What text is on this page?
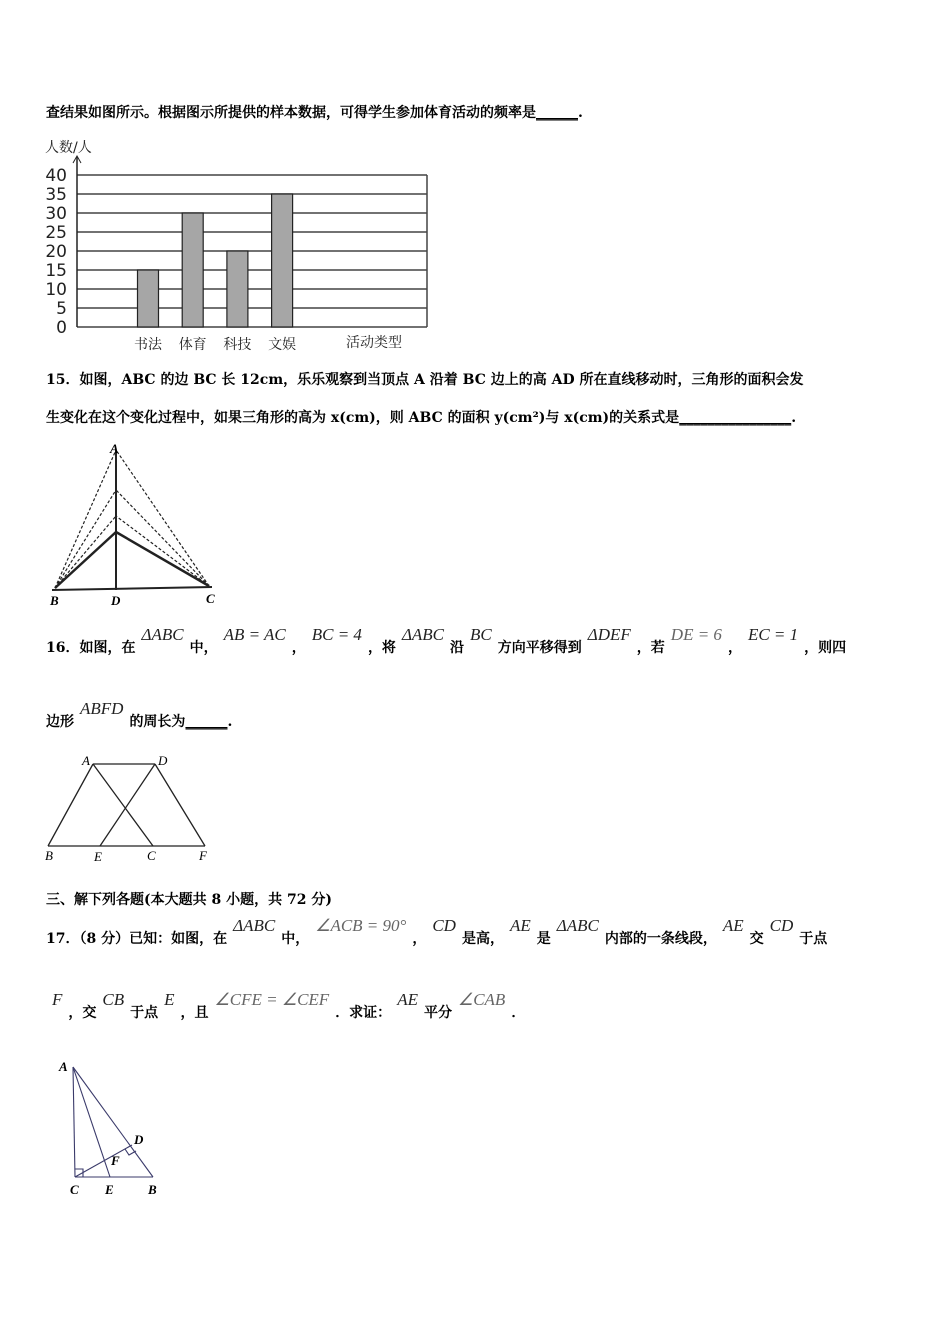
查结果如图所示。根据图示所提供的样本数据，可得学生参加体育活动的频率是______.
0
5
10
15
20
25
30
35
40
人数/人
书法 体育 科技 文娱	活动类型
15．如图，ABC 的边 BC 长 12cm，乐乐观察到当顶点 A 沿着 BC 边上的高 AD 所在直线移动时，三角形的面积会发
生变化在这个变化过程中，如果三角形的高为 x(cm)，则 ABC 的面积 y(cm²)与 x(cm)的关系式是________________.
A
B	D	C
16．如图，在ΔABC中，AB = AC，BC = 4，将ΔABC沿BC方向平移得到ΔDEF，若DE = 6，EC = 1，则四
边形ABFD的周长为______.
A	D
B	E	C	F
三、解下列各题(本大题共 8 小题，共 72 分)
17．（8 分）已知：如图，在ΔABC中，∠ACB = 90°，CD是高，AE是ΔABC内部的一条线段，AE交CD于点
F，交CB于点E，且∠CFE = ∠CEF．求证：AE平分∠CAB．
A
C E	B
D
F
